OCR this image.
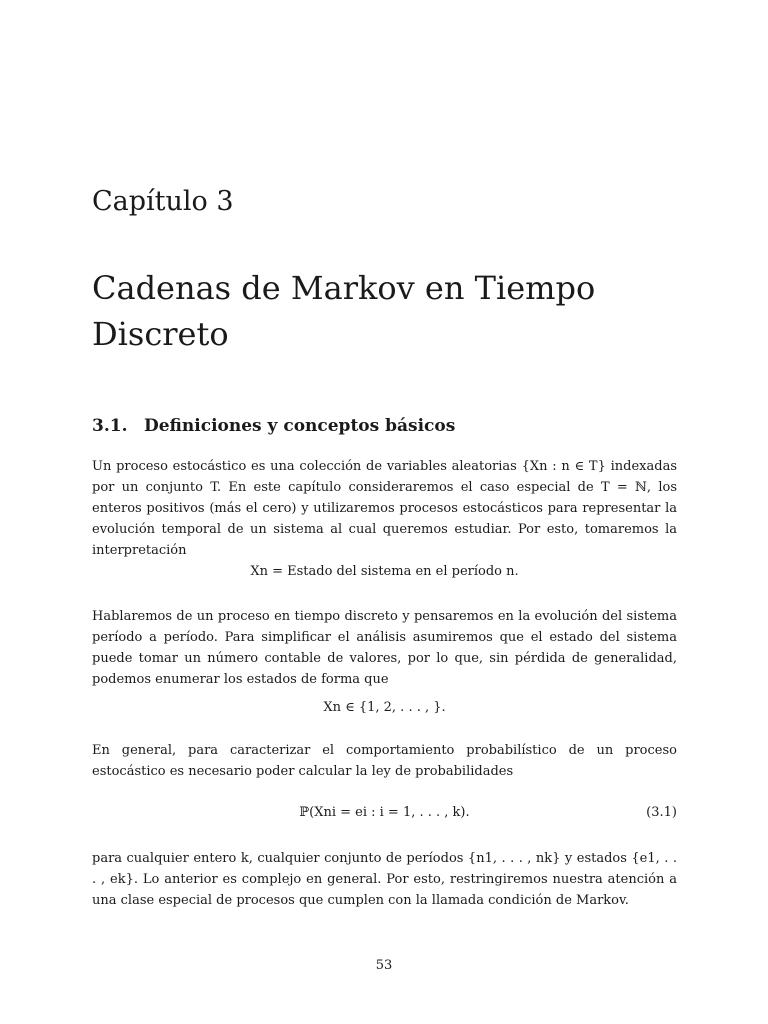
Capítulo 3
Cadenas de Markov en Tiempo Discreto
3.1. Definiciones y conceptos básicos

Un proceso estocástico es una colección de variables aleatorias {Xn : n ∈ T} indexadas por un conjunto T. En este capítulo consideraremos el caso especial de T = ℕ, los enteros positivos (más el cero) y utilizaremos procesos estocásticos para representar la evolución temporal de un sistema al cual queremos estudiar. Por esto, tomaremos la interpretación

Xn = Estado del sistema en el período n.

Hablaremos de un proceso en tiempo discreto y pensaremos en la evolución del sistema período a período. Para simplificar el análisis asumiremos que el estado del sistema puede tomar un número contable de valores, por lo que, sin pérdida de generalidad, podemos enumerar los estados de forma que

Xn ∈ {1, 2, . . . , }.

En general, para caracterizar el comportamiento probabilístico de un proceso estocástico es necesario poder calcular la ley de probabilidades

ℙ(Xni = ei : i = 1, . . . , k).	(3.1)

para cualquier entero k, cualquier conjunto de períodos {n1, . . . , nk} y estados {e1, . . . , ek}. Lo anterior es complejo en general. Por esto, restringiremos nuestra atención a una clase especial de procesos que cumplen con la llamada condición de Markov.

53
